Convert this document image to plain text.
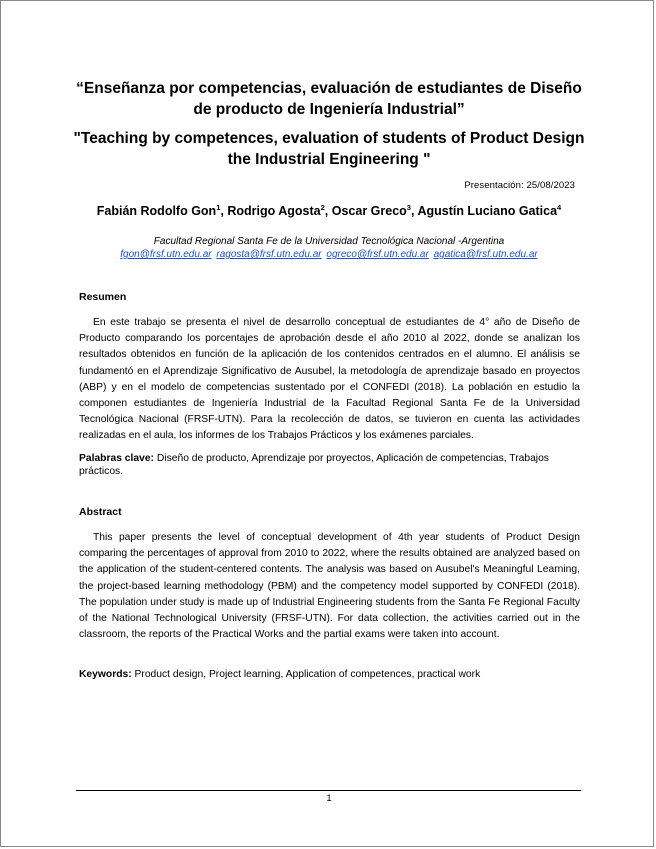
“Enseñanza por competencias, evaluación de estudiantes de Diseño
de producto de Ingeniería Industrial”
"Teaching by competences, evaluation of students of Product Design
the Industrial Engineering "
Presentación: 25/08/2023
Fabián Rodolfo Gon$^1$, Rodrigo Agosta$^2$, Oscar Greco$^3$, Agustín Luciano Gatica$^4$
Facultad Regional Santa Fe de la Universidad Tecnológica Nacional -Argentina
fgon@frsf.utn.edu.ar ragosta@frsf.utn.edu.ar ogreco@frsf.utn.edu.ar agatica@frsf.utn.edu.ar
Resumen
En este trabajo se presenta el nivel de desarrollo conceptual de estudiantes de 4° año de Diseño de Producto comparando los porcentajes de aprobación desde el año 2010 al 2022, donde se analizan los resultados obtenidos en función de la aplicación de los contenidos centrados en el alumno. El análisis se fundamentó en el Aprendizaje Significativo de Ausubel, la metodología de aprendizaje basado en proyectos (ABP) y en el modelo de competencias sustentado por el CONFEDI (2018). La población en estudio la componen estudiantes de Ingeniería Industrial de la Facultad Regional Santa Fe de la Universidad Tecnológica Nacional (FRSF-UTN). Para la recolección de datos, se tuvieron en cuenta las actividades realizadas en el aula, los informes de los Trabajos Prácticos y los exámenes parciales.
Palabras clave: Diseño de producto, Aprendizaje por proyectos, Aplicación de competencias, Trabajos prácticos.
Abstract
This paper presents the level of conceptual development of 4th year students of Product Design comparing the percentages of approval from 2010 to 2022, where the results obtained are analyzed based on the application of the student-centered contents. The analysis was based on Ausubel's Meaningful Learning, the project-based learning methodology (PBM) and the competency model supported by CONFEDI (2018). The population under study is made up of Industrial Engineering students from the Santa Fe Regional Faculty of the National Technological University (FRSF-UTN). For data collection, the activities carried out in the classroom, the reports of the Practical Works and the partial exams were taken into account.
Keywords: Product design, Project learning, Application of competences, practical work
1
